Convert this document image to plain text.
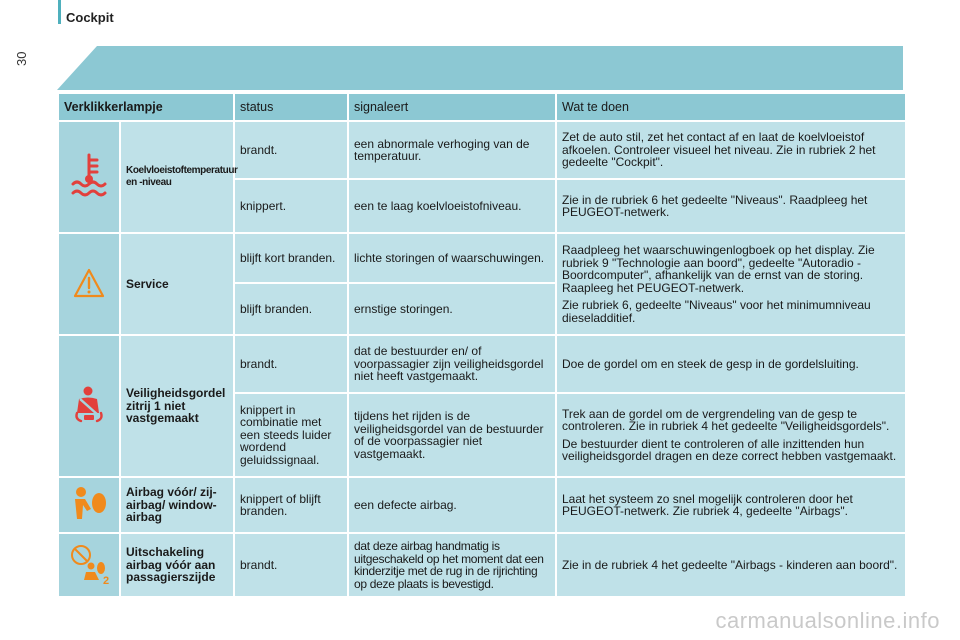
Cockpit
30
Verklikkerlampje		status	signaleert	Wat te doen
	Koelvloeistoftemperatuur en -niveau	brandt.	een abnormale verhoging van de temperatuur.	Zet de auto stil, zet het contact af en laat de koelvloeistof afkoelen. Controleer visueel het niveau. Zie in rubriek 2 het gedeelte "Cockpit".
		knippert.	een te laag koelvloeistofniveau.	Zie in de rubriek 6 het gedeelte "Niveaus". Raadpleeg het PEUGEOT-netwerk.
	Service	blijft kort branden.	lichte storingen of waarschuwingen.	Raadpleeg het waarschuwingenlogboek op het display. Zie rubriek 9 "Technologie aan boord", gedeelte "Autoradio - Boordcomputer", afhankelijk van de ernst van de storing. Raapleeg het PEUGEOT-netwerk.

Zie rubriek 6, gedeelte "Niveaus" voor het minimumniveau dieseladditief.

		blijft branden.	ernstige storingen.	
	Veiligheidsgordel zitrij 1 niet vastgemaakt	brandt.	dat de bestuurder en/ of voorpassagier zijn veiligheidsgordel niet heeft vastgemaakt.	Doe de gordel om en steek de gesp in de gordelsluiting.
		knippert in combinatie met een steeds luider wordend geluidssignaal.	tijdens het rijden is de veiligheidsgordel van de bestuurder of de voorpassagier niet vastgemaakt.	Trek aan de gordel om de vergrendeling van de gesp te controleren. Zie in rubriek 4 het gedeelte "Veiligheidsgordels".

De bestuurder dient te controleren of alle inzittenden hun veiligheidsgordel dragen en deze correct hebben vastgemaakt.

	Airbag vóór/ zij-airbag/ window-airbag	knippert of blijft branden.	een defecte airbag.	Laat het systeem zo snel mogelijk controleren door het PEUGEOT-netwerk. Zie rubriek 4, gedeelte "Airbags".

2	Uitschakeling airbag vóór aan passagierszijde	brandt.	dat deze airbag handmatig is uitgeschakeld op het moment dat een kinderzitje met de rug in de rijrichting op deze plaats is bevestigd.	Zie in de rubriek 4 het gedeelte "Airbags - kinderen aan boord".
carmanualsonline.info
